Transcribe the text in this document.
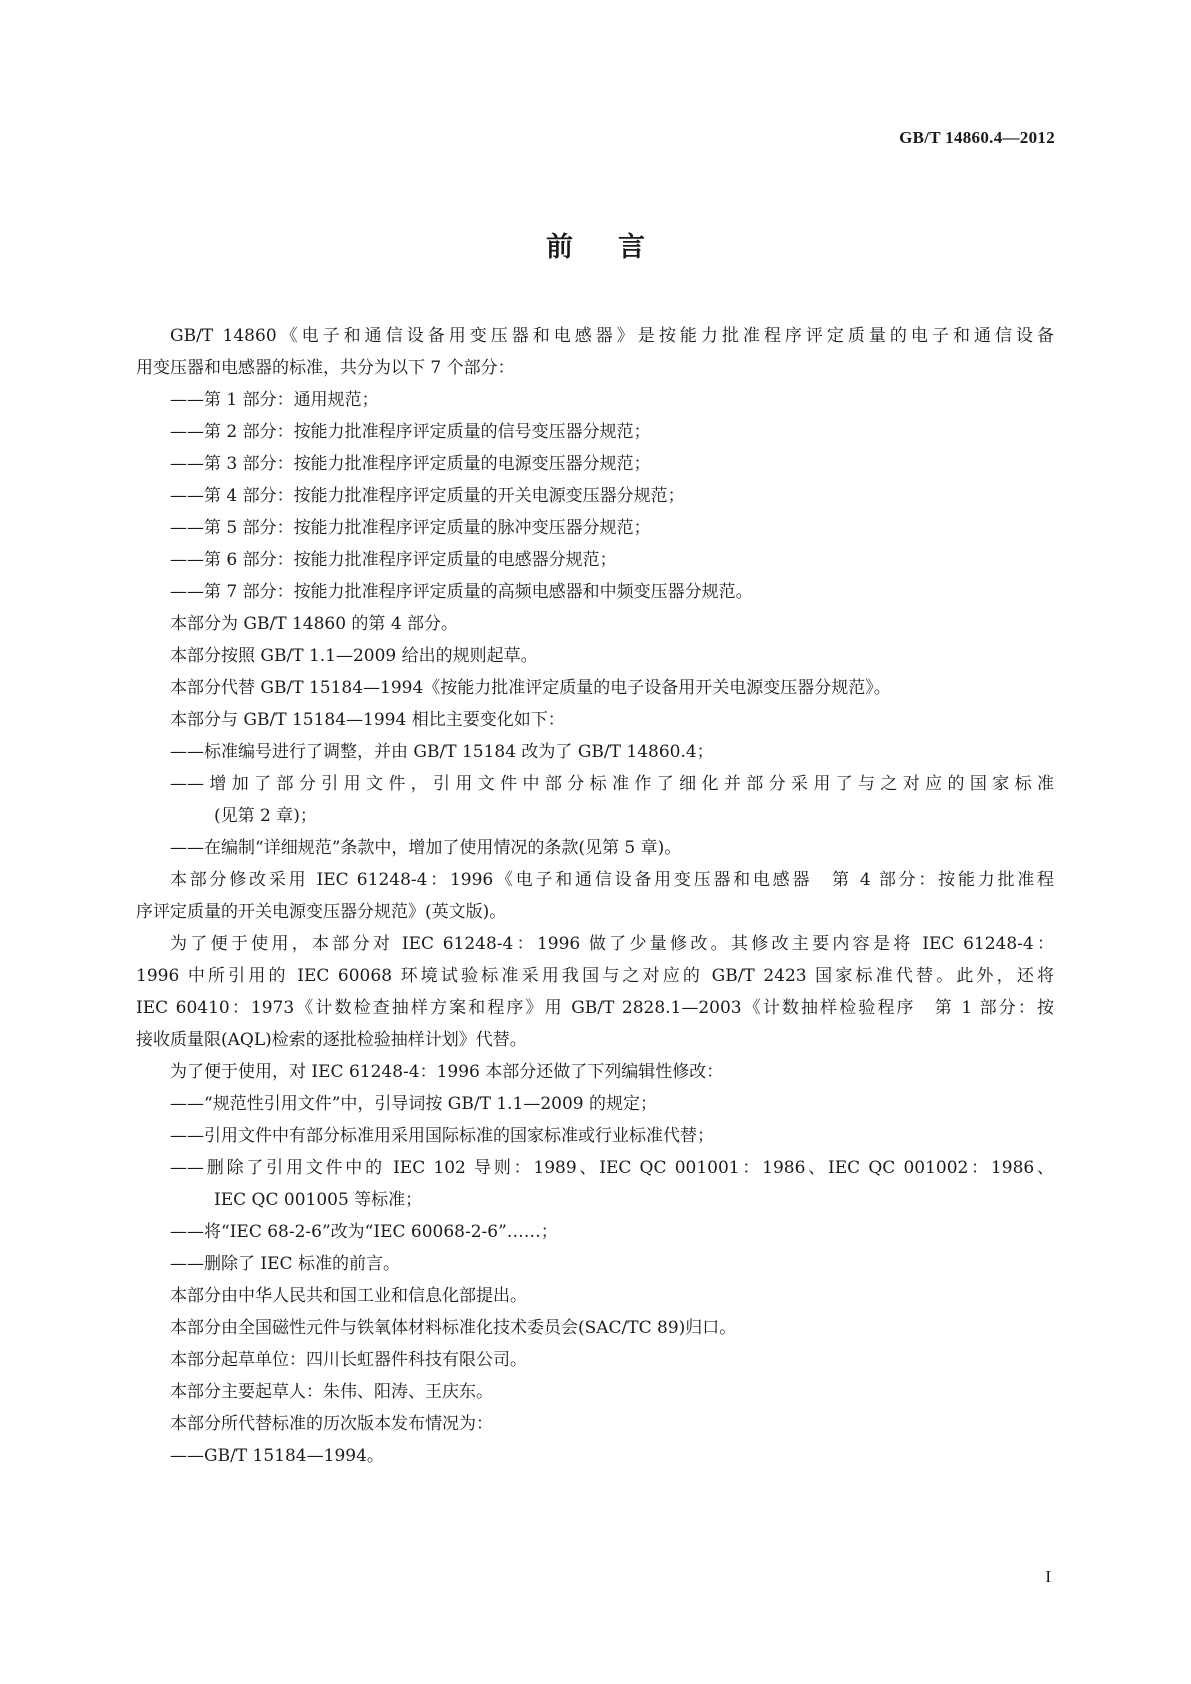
GB/T 14860.4—2012
前言

GB/T 14860《电子和通信设备用变压器和电感器》是按能力批准程序评定质量的电子和通信设备

用变压器和电感器的标准，共分为以下 7 个部分：

——第 1 部分：通用规范；

——第 2 部分：按能力批准程序评定质量的信号变压器分规范；

——第 3 部分：按能力批准程序评定质量的电源变压器分规范；

——第 4 部分：按能力批准程序评定质量的开关电源变压器分规范；

——第 5 部分：按能力批准程序评定质量的脉冲变压器分规范；

——第 6 部分：按能力批准程序评定质量的电感器分规范；

——第 7 部分：按能力批准程序评定质量的高频电感器和中频变压器分规范。

本部分为 GB/T 14860 的第 4 部分。

本部分按照 GB/T 1.1—2009 给出的规则起草。

本部分代替 GB/T 15184—1994《按能力批准评定质量的电子设备用开关电源变压器分规范》。

本部分与 GB/T 15184—1994 相比主要变化如下：

——标准编号进行了调整，并由 GB/T 15184 改为了 GB/T 14860.4；

——增加了部分引用文件，引用文件中部分标准作了细化并部分采用了与之对应的国家标准

(见第 2 章)；

——在编制“详细规范”条款中，增加了使用情况的条款(见第 5 章)。

本部分修改采用 IEC 61248-4：1996《电子和通信设备用变压器和电感器　第 4 部分：按能力批准程

序评定质量的开关电源变压器分规范》(英文版)。

为了便于使用，本部分对 IEC 61248-4：1996 做了少量修改。其修改主要内容是将 IEC 61248-4：

1996 中所引用的 IEC 60068 环境试验标准采用我国与之对应的 GB/T 2423 国家标准代替。此外，还将

IEC 60410：1973《计数检查抽样方案和程序》用 GB/T 2828.1—2003《计数抽样检验程序　第 1 部分：按

接收质量限(AQL)检索的逐批检验抽样计划》代替。

为了便于使用，对 IEC 61248-4：1996 本部分还做了下列编辑性修改：

——“规范性引用文件”中，引导词按 GB/T 1.1—2009 的规定；

——引用文件中有部分标准用采用国际标准的国家标准或行业标准代替；

——删除了引用文件中的 IEC 102 导则：1989、IEC QC 001001：1986、IEC QC 001002：1986、

IEC QC 001005 等标准；

——将“IEC 68-2-6”改为“IEC 60068-2-6”……；

——删除了 IEC 标准的前言。

本部分由中华人民共和国工业和信息化部提出。

本部分由全国磁性元件与铁氧体材料标准化技术委员会(SAC/TC 89)归口。

本部分起草单位：四川长虹器件科技有限公司。

本部分主要起草人：朱伟、阳涛、王庆东。

本部分所代替标准的历次版本发布情况为：

——GB/T 15184—1994。

I
